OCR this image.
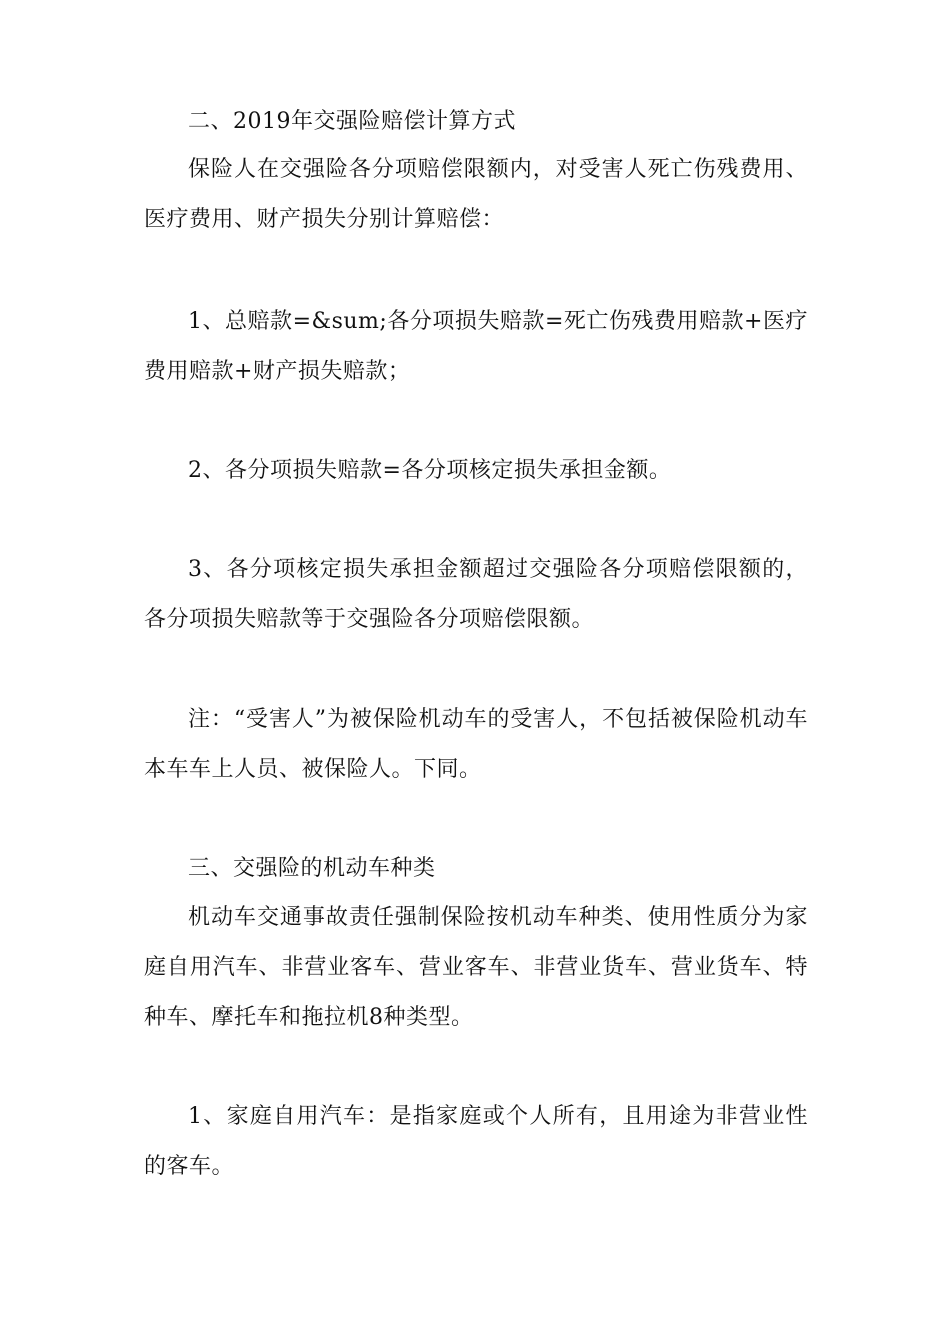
二、2019年交强险赔偿计算方式

保险人在交强险各分项赔偿限额内，对受害人死亡伤残费用、医疗费用、财产损失分别计算赔偿：

1、总赔款=&sum;各分项损失赔款=死亡伤残费用赔款+医疗费用赔款+财产损失赔款；

2、各分项损失赔款=各分项核定损失承担金额。

3、各分项核定损失承担金额超过交强险各分项赔偿限额的，各分项损失赔款等于交强险各分项赔偿限额。

注：“受害人”为被保险机动车的受害人，不包括被保险机动车本车车上人员、被保险人。下同。

三、交强险的机动车种类

机动车交通事故责任强制保险按机动车种类、使用性质分为家庭自用汽车、非营业客车、营业客车、非营业货车、营业货车、特种车、摩托车和拖拉机8种类型。

1、家庭自用汽车：是指家庭或个人所有，且用途为非营业性的客车。
